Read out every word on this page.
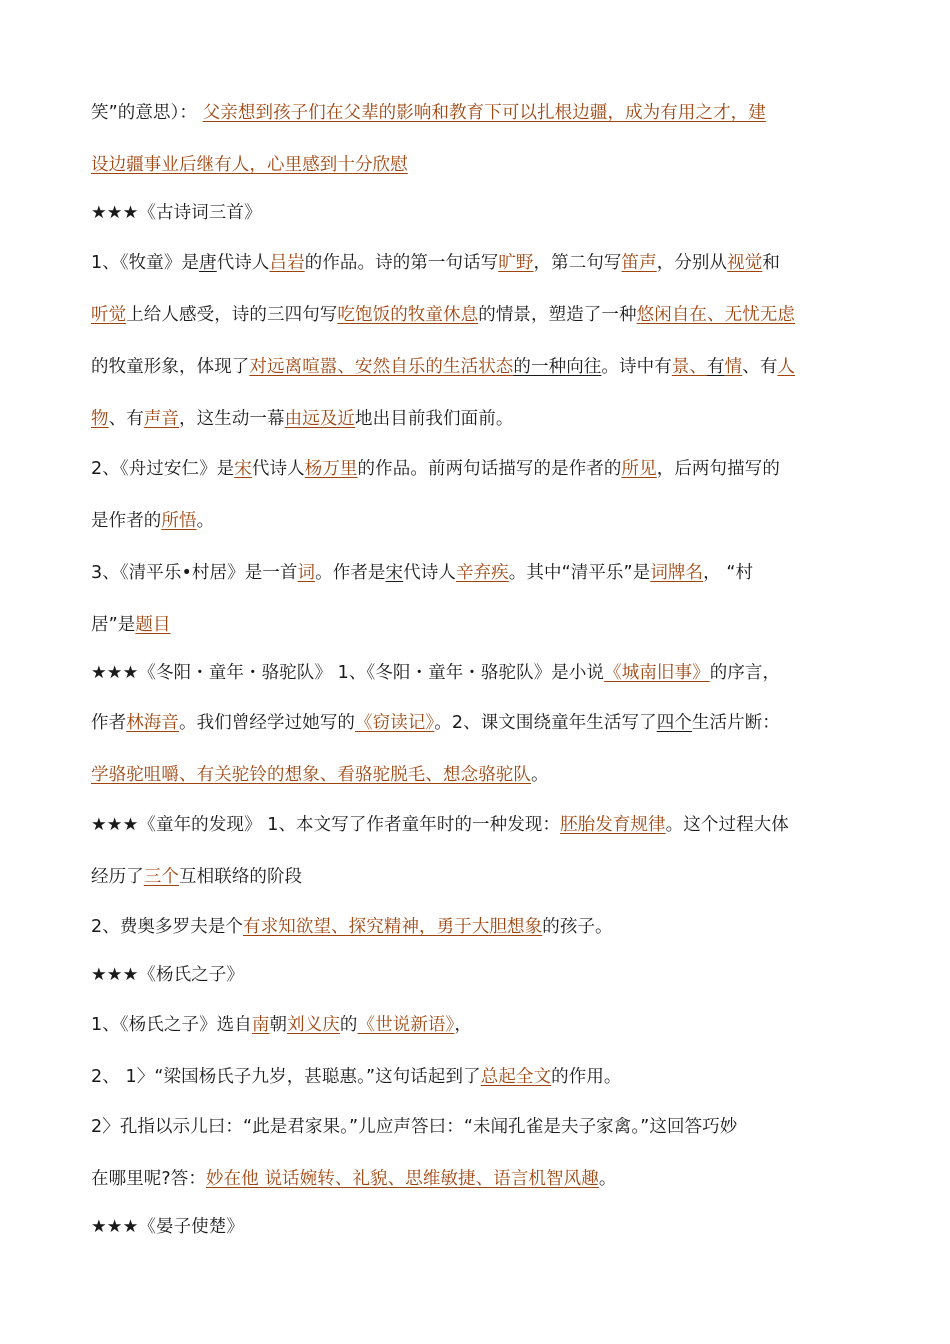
笑”的意思）： 父亲想到孩子们在父辈的影响和教育下可以扎根边疆，成为有用之才，建
设边疆事业后继有人，心里感到十分欣慰
★★★《古诗词三首》
1、《牧童》是唐代诗人吕岩的作品。诗的第一句话写旷野，第二句写笛声，分别从视觉和
听觉上给人感受，诗的三四句写吃饱饭的牧童休息的情景，塑造了一种悠闲自在、无忧无虑
的牧童形象，体现了对远离喧嚣、安然自乐的生活状态的一种向往。诗中有景、有情、有人
物、有声音，这生动一幕由远及近地出目前我们面前。
2、《舟过安仁》是宋代诗人杨万里的作品。前两句话描写的是作者的所见，后两句描写的
是作者的所悟。
3、《清平乐•村居》是一首词。作者是宋代诗人辛弃疾。其中“清平乐”是词牌名， “村
居”是题目
★★★《冬阳・童年・骆驼队》 1、《冬阳・童年・骆驼队》是小说《城南旧事》的序言，
作者林海音。我们曾经学过她写的《窃读记》。2、课文围绕童年生活写了四个生活片断：
学骆驼咀嚼、有关驼铃的想象、看骆驼脱毛、想念骆驼队。
★★★《童年的发现》 1、本文写了作者童年时的一种发现：胚胎发育规律。这个过程大体
经历了三个互相联络的阶段
2、费奥多罗夫是个有求知欲望、探究精神，勇于大胆想象的孩子。
★★★《杨氏之子》
1、《杨氏之子》选自南朝刘义庆的《世说新语》，
2、 1〉“梁国杨氏子九岁，甚聪惠。”这句话起到了总起全文的作用。
2〉孔指以示儿曰：“此是君家果。”儿应声答曰：“未闻孔雀是夫子家禽。”这回答巧妙
在哪里呢?答：妙在他 说话婉转、礼貌、思维敏捷、语言机智风趣。
★★★《晏子使楚》
